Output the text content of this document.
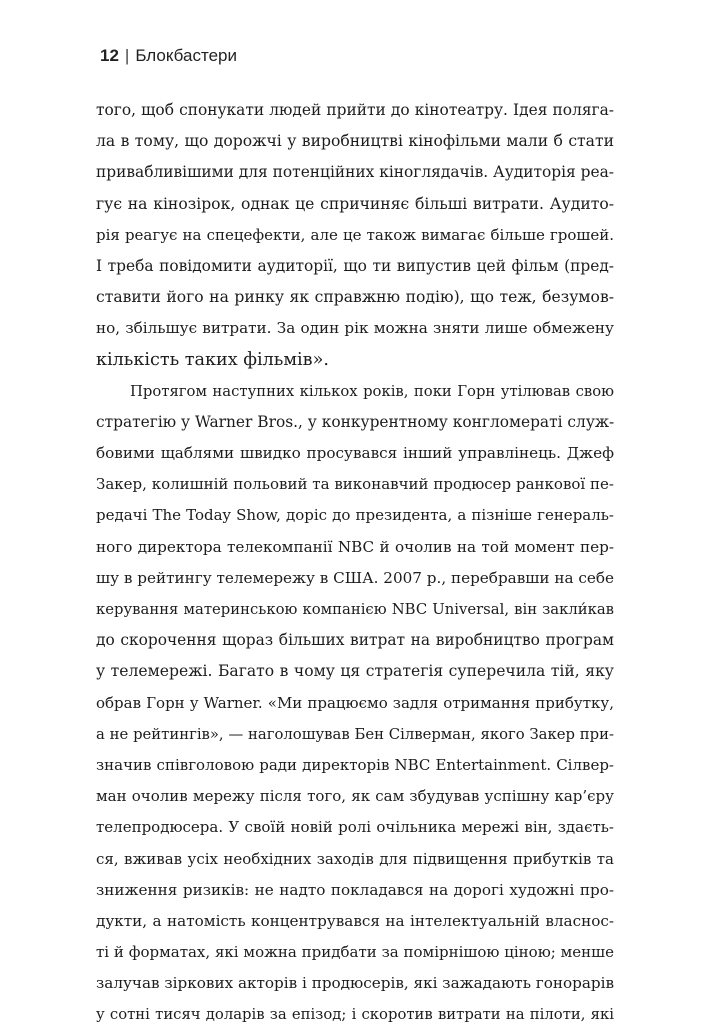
12 | Блокбастери
того, щоб спонукати людей прийти до кінотеатру. Ідея поляга-
ла в тому, що дорожчі у виробництві кінофільми мали б стати
привабливішими для потенційних кіноглядачів. Аудиторія реа-
гує на кінозірок, однак це спричиняє більші витрати. Аудито-
рія реагує на спецефекти, але це також вимагає більше грошей.
І треба повідомити аудиторії, що ти випустив цей фільм (пред-
ставити його на ринку як справжню подію), що теж, безумов-
но, збільшує витрати. За один рік можна зняти лише обмежену
кількість таких фільмів».
Протягом наступних кількох років, поки Горн утілював свою
стратегію у Warner Bros., у конкурентному конгломераті служ-
бовими щаблями швидко просувався інший управлінець. Джеф
Закер, колишній польовий та виконавчий продюсер ранкової пе-
редачі The Today Show, доріс до президента, а пізніше генераль-
ного директора телекомпанії NBC й очолив на той момент пер-
шу в рейтингу телемережу в США. 2007 р., перебравши на себе
керування материнською компанією NBC Universal, він закли́кав
до скорочення щораз більших витрат на виробництво програм
у телемережі. Багато в чому ця стратегія суперечила тій, яку
обрав Горн у Warner. «Ми працюємо задля отримання прибутку,
а не рейтингів», — наголошував Бен Сілверман, якого Закер при-
значив співголовою ради директорів NBC Entertainment. Сілвер-
ман очолив мережу після того, як сам збудував успішну кар’єру
телепродюсера. У своїй новій ролі очільника мережі він, здаєть-
ся, вживав усіх необхідних заходів для підвищення прибутків та
зниження ризиків: не надто покладався на дорогі художні про-
дукти, а натомість концентрувався на інтелектуальній власнос-
ті й форматах, які можна придбати за помірнішою ціною; менше
залучав зіркових акторів і продюсерів, які зажадають гонорарів
у сотні тисяч доларів за епізод; і скоротив витрати на пілоти, які
